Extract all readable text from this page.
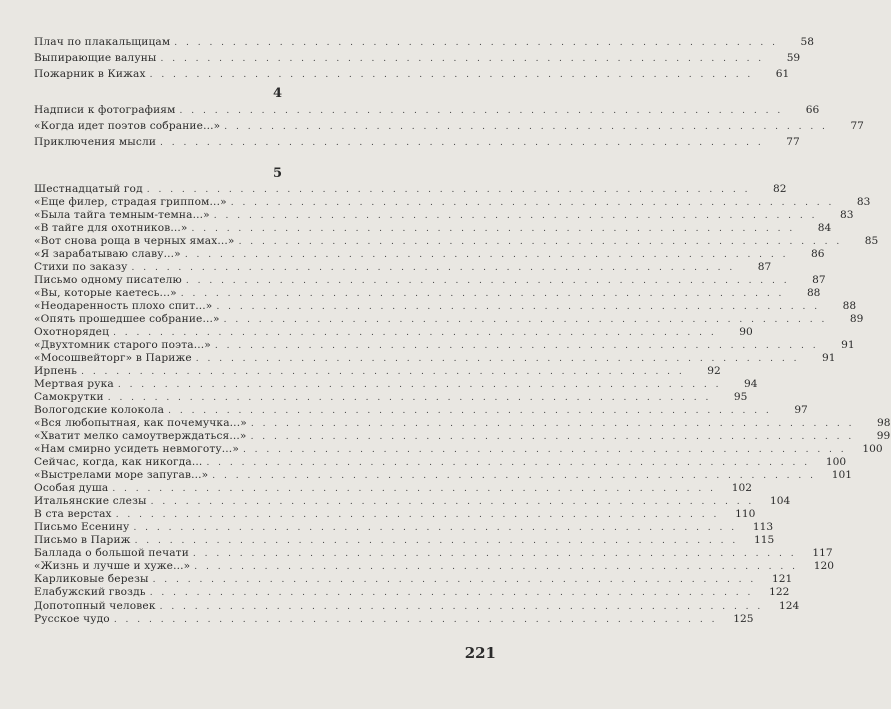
Плач по плакальщицам . . . . . . . . . . . . . . . . . . . . . . . . . . . . . . . . . . . . . . . . . . . . . . . . . . . .	58
Выпирающие валуны . . . . . . . . . . . . . . . . . . . . . . . . . . . . . . . . . . . . . . . . . . . . . . . . . . . .	59
Пожарник в Кижах . . . . . . . . . . . . . . . . . . . . . . . . . . . . . . . . . . . . . . . . . . . . . . . . . . . .	61
4
Надписи к фотографиям . . . . . . . . . . . . . . . . . . . . . . . . . . . . . . . . . . . . . . . . . . . . . . . . . . . .	66
«Когда идет поэтов собрание...» . . . . . . . . . . . . . . . . . . . . . . . . . . . . . . . . . . . . . . . . . . . . . . . . . . . .	77
Приключения мысли . . . . . . . . . . . . . . . . . . . . . . . . . . . . . . . . . . . . . . . . . . . . . . . . . . . .	77
5
Шестнадцатый год . . . . . . . . . . . . . . . . . . . . . . . . . . . . . . . . . . . . . . . . . . . . . . . . . . . .	82
«Еще филер, страдая гриппом...» . . . . . . . . . . . . . . . . . . . . . . . . . . . . . . . . . . . . . . . . . . . . . . . . . . . .	83
«Была тайга темным-темна...» . . . . . . . . . . . . . . . . . . . . . . . . . . . . . . . . . . . . . . . . . . . . . . . . . . . .	83
«В тайге для охотников...» . . . . . . . . . . . . . . . . . . . . . . . . . . . . . . . . . . . . . . . . . . . . . . . . . . . .	84
«Вот снова роща в черных ямах...» . . . . . . . . . . . . . . . . . . . . . . . . . . . . . . . . . . . . . . . . . . . . . . . . . . . .	85
«Я зарабатываю славу...» . . . . . . . . . . . . . . . . . . . . . . . . . . . . . . . . . . . . . . . . . . . . . . . . . . . .	86
Стихи по заказу . . . . . . . . . . . . . . . . . . . . . . . . . . . . . . . . . . . . . . . . . . . . . . . . . . . .	87
Письмо одному писателю . . . . . . . . . . . . . . . . . . . . . . . . . . . . . . . . . . . . . . . . . . . . . . . . . . . .	87
«Вы, которые каетесь...» . . . . . . . . . . . . . . . . . . . . . . . . . . . . . . . . . . . . . . . . . . . . . . . . . . . .	88
«Неодаренность плохо спит...» . . . . . . . . . . . . . . . . . . . . . . . . . . . . . . . . . . . . . . . . . . . . . . . . . . . .	88
«Опять прошедшее собрание...» . . . . . . . . . . . . . . . . . . . . . . . . . . . . . . . . . . . . . . . . . . . . . . . . . . . .	89
Охотнорядец . . . . . . . . . . . . . . . . . . . . . . . . . . . . . . . . . . . . . . . . . . . . . . . . . . . .	90
«Двухтомник старого поэта...» . . . . . . . . . . . . . . . . . . . . . . . . . . . . . . . . . . . . . . . . . . . . . . . . . . . .	91
«Мосошвейторг» в Париже . . . . . . . . . . . . . . . . . . . . . . . . . . . . . . . . . . . . . . . . . . . . . . . . . . . .	91
Ирпень . . . . . . . . . . . . . . . . . . . . . . . . . . . . . . . . . . . . . . . . . . . . . . . . . . . .	92
Мертвая рука . . . . . . . . . . . . . . . . . . . . . . . . . . . . . . . . . . . . . . . . . . . . . . . . . . . .	94
Самокрутки . . . . . . . . . . . . . . . . . . . . . . . . . . . . . . . . . . . . . . . . . . . . . . . . . . . .	95
Вологодские колокола . . . . . . . . . . . . . . . . . . . . . . . . . . . . . . . . . . . . . . . . . . . . . . . . . . . .	97
«Вся любопытная, как почемучка...» . . . . . . . . . . . . . . . . . . . . . . . . . . . . . . . . . . . . . . . . . . . . . . . . . . . .	98
«Хватит мелко самоутверждаться...» . . . . . . . . . . . . . . . . . . . . . . . . . . . . . . . . . . . . . . . . . . . . . . . . . . . .	99
«Нам смирно усидеть невмоготу...» . . . . . . . . . . . . . . . . . . . . . . . . . . . . . . . . . . . . . . . . . . . . . . . . . . . .	100
Сейчас, когда, как никогда... . . . . . . . . . . . . . . . . . . . . . . . . . . . . . . . . . . . . . . . . . . . . . . . . . . . .	100
«Выстрелами море запугав...» . . . . . . . . . . . . . . . . . . . . . . . . . . . . . . . . . . . . . . . . . . . . . . . . . . . .	101
Особая душа . . . . . . . . . . . . . . . . . . . . . . . . . . . . . . . . . . . . . . . . . . . . . . . . . . . .	102
Итальянские слезы . . . . . . . . . . . . . . . . . . . . . . . . . . . . . . . . . . . . . . . . . . . . . . . . . . . .	104
В ста верстах . . . . . . . . . . . . . . . . . . . . . . . . . . . . . . . . . . . . . . . . . . . . . . . . . . . .	110
Письмо Есенину . . . . . . . . . . . . . . . . . . . . . . . . . . . . . . . . . . . . . . . . . . . . . . . . . . . .	113
Письмо в Париж . . . . . . . . . . . . . . . . . . . . . . . . . . . . . . . . . . . . . . . . . . . . . . . . . . . .	115
Баллада о большой печати . . . . . . . . . . . . . . . . . . . . . . . . . . . . . . . . . . . . . . . . . . . . . . . . . . . .	117
«Жизнь и лучше и хуже...» . . . . . . . . . . . . . . . . . . . . . . . . . . . . . . . . . . . . . . . . . . . . . . . . . . . .	120
Карликовые березы . . . . . . . . . . . . . . . . . . . . . . . . . . . . . . . . . . . . . . . . . . . . . . . . . . . .	121
Елабужский гвоздь . . . . . . . . . . . . . . . . . . . . . . . . . . . . . . . . . . . . . . . . . . . . . . . . . . . .	122
Допотопный человек . . . . . . . . . . . . . . . . . . . . . . . . . . . . . . . . . . . . . . . . . . . . . . . . . . . .	124
Русское чудо . . . . . . . . . . . . . . . . . . . . . . . . . . . . . . . . . . . . . . . . . . . . . . . . . . . .	125
221
